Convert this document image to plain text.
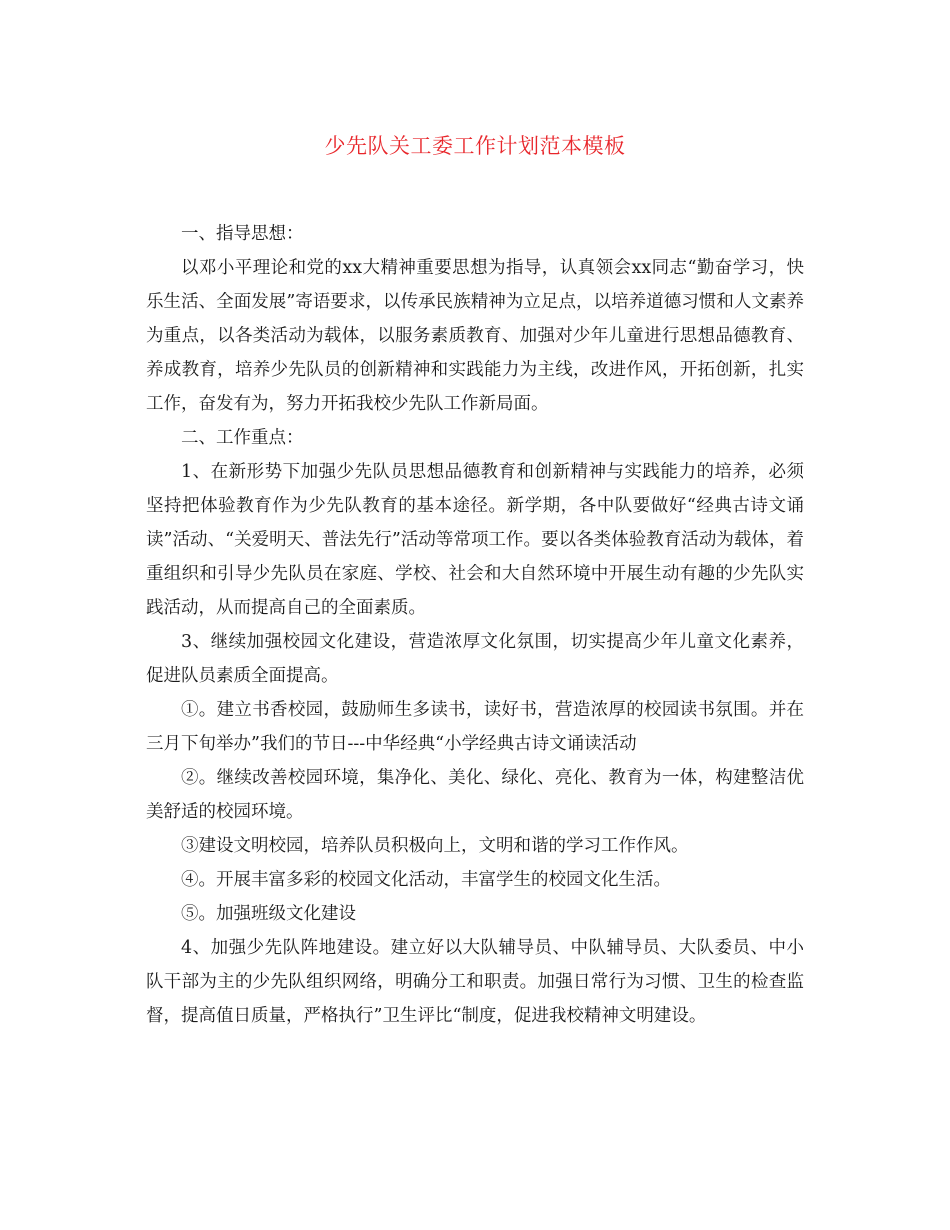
少先队关工委工作计划范本模板

一、指导思想：

以邓小平理论和党的xx大精神重要思想为指导，认真领会xx同志“勤奋学习，快乐生活、全面发展”寄语要求，以传承民族精神为立足点，以培养道德习惯和人文素养为重点，以各类活动为载体，以服务素质教育、加强对少年儿童进行思想品德教育、养成教育，培养少先队员的创新精神和实践能力为主线，改进作风，开拓创新，扎实工作，奋发有为，努力开拓我校少先队工作新局面。

二、工作重点：

1、在新形势下加强少先队员思想品德教育和创新精神与实践能力的培养，必须坚持把体验教育作为少先队教育的基本途径。新学期，各中队要做好“经典古诗文诵读”活动、“关爱明天、普法先行”活动等常项工作。要以各类体验教育活动为载体，着重组织和引导少先队员在家庭、学校、社会和大自然环境中开展生动有趣的少先队实践活动，从而提高自己的全面素质。

3、继续加强校园文化建设，营造浓厚文化氛围，切实提高少年儿童文化素养，促进队员素质全面提高。

①。建立书香校园，鼓励师生多读书，读好书，营造浓厚的校园读书氛围。并在三月下旬举办”我们的节日---中华经典“小学经典古诗文诵读活动

②。继续改善校园环境，集净化、美化、绿化、亮化、教育为一体，构建整洁优美舒适的校园环境。

③建设文明校园，培养队员积极向上，文明和谐的学习工作作风。

④。开展丰富多彩的校园文化活动，丰富学生的校园文化生活。

⑤。加强班级文化建设

4、加强少先队阵地建设。建立好以大队辅导员、中队辅导员、大队委员、中小队干部为主的少先队组织网络，明确分工和职责。加强日常行为习惯、卫生的检查监督，提高值日质量，严格执行”卫生评比“制度，促进我校精神文明建设。
